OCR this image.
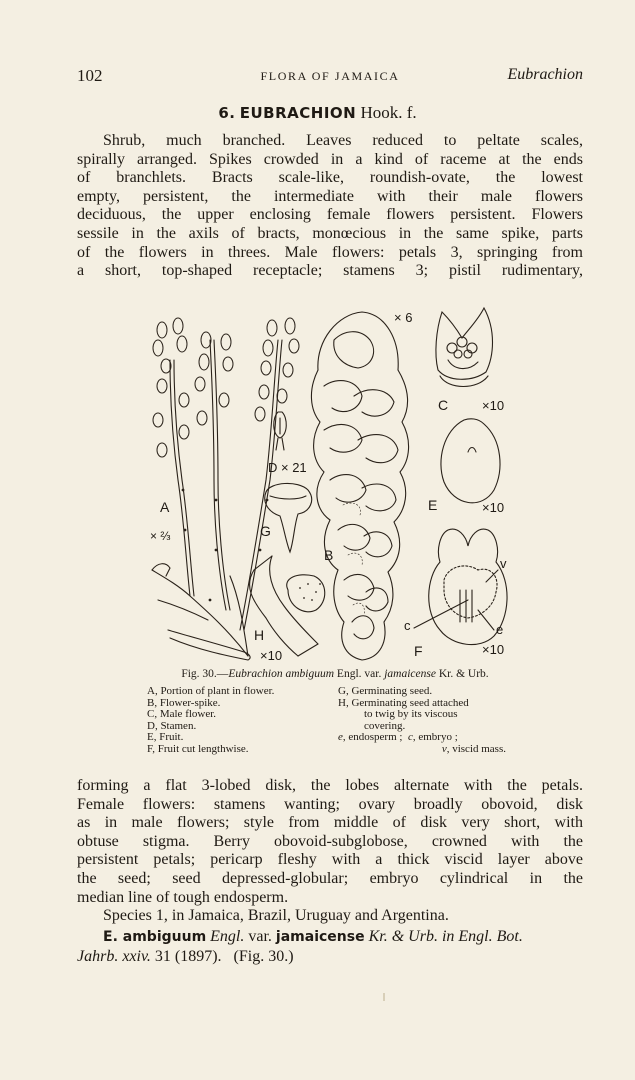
102	FLORA OF JAMAICA	Eubrachion
6. EUBRACHION Hook. f.

Shrub, much branched. Leaves reduced to peltate scales,
spirally arranged. Spikes crowded in a kind of raceme at the ends
of branchlets. Bracts scale-like, roundish-ovate, the lowest
empty, persistent, the intermediate with their male flowers
deciduous, the upper enclosing female flowers persistent. Flowers
sessile in the axils of bracts, monœcious in the same spike, parts
of the flowers in threes. Male flowers: petals 3, springing from
a short, top-shaped receptacle; stamens 3; pistil rudimentary,

A
× ⅔
B
× 6
C	×10
D × 21
E	×10
G
H
×10	F	×10
v
c	e
Fig. 30.—Eubrachion ambiguum Engl. var. jamaicense Kr. & Urb.
A, Portion of plant in flower.
B, Flower-spike.
C, Male flower.
D, Stamen.
E, Fruit.
F, Fruit cut lengthwise.
G, Germinating seed.
H, Germinating seed attached
to twig by its viscous
covering.
e, endosperm ; c, embryo ;
v, viscid mass.

forming a flat 3-lobed disk, the lobes alternate with the petals.
Female flowers: stamens wanting; ovary broadly obovoid, disk
as in male flowers; style from middle of disk very short, with
obtuse stigma. Berry obovoid-subglobose, crowned with the
persistent petals; pericarp fleshy with a thick viscid layer above
the seed; seed depressed-globular; embryo cylindrical in the
median line of tough endosperm.
Species 1, in Jamaica, Brazil, Uruguay and Argentina.

E. ambiguum Engl. var. jamaicense Kr. & Urb. in Engl. Bot.
Jahrb. xxiv. 31 (1897). (Fig. 30.)
